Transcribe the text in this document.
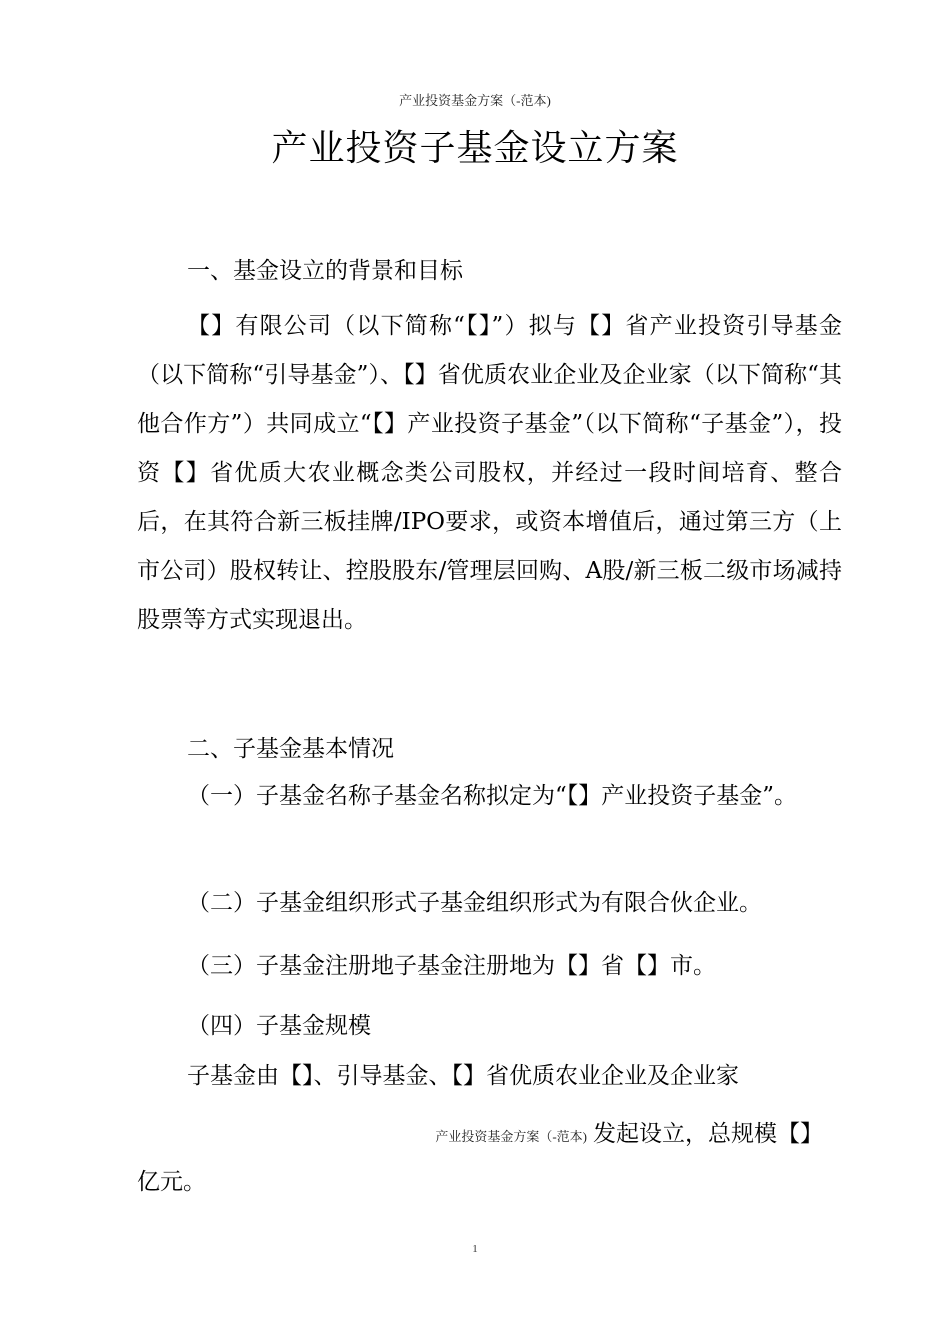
产业投资基金方案（-范本)
产业投资子基金设立方案
一、基金设立的背景和目标

【】有限公司（以下简称“【】”）拟与【】省产业投资引导基金（以下简称“引导基金”）、【】省优质农业企业及企业家（以下简称“其他合作方”）共同成立“【】产业投资子基金”（以下简称“子基金”），投资【】省优质大农业概念类公司股权，并经过一段时间培育、整合后，在其符合新三板挂牌/IPO要求，或资本增值后，通过第三方（上市公司）股权转让、控股股东/管理层回购、A股/新三板二级市场减持股票等方式实现退出。

二、子基金基本情况

（一）子基金名称子基金名称拟定为“【】产业投资子基金”。

（二）子基金组织形式子基金组织形式为有限合伙企业。
（三）子基金注册地子基金注册地为【】省【】市。
（四）子基金规模
子基金由【】、引导基金、【】省优质农业企业及企业家
产业投资基金方案（-范本) 发起设立，总规模【】
亿元。
1
